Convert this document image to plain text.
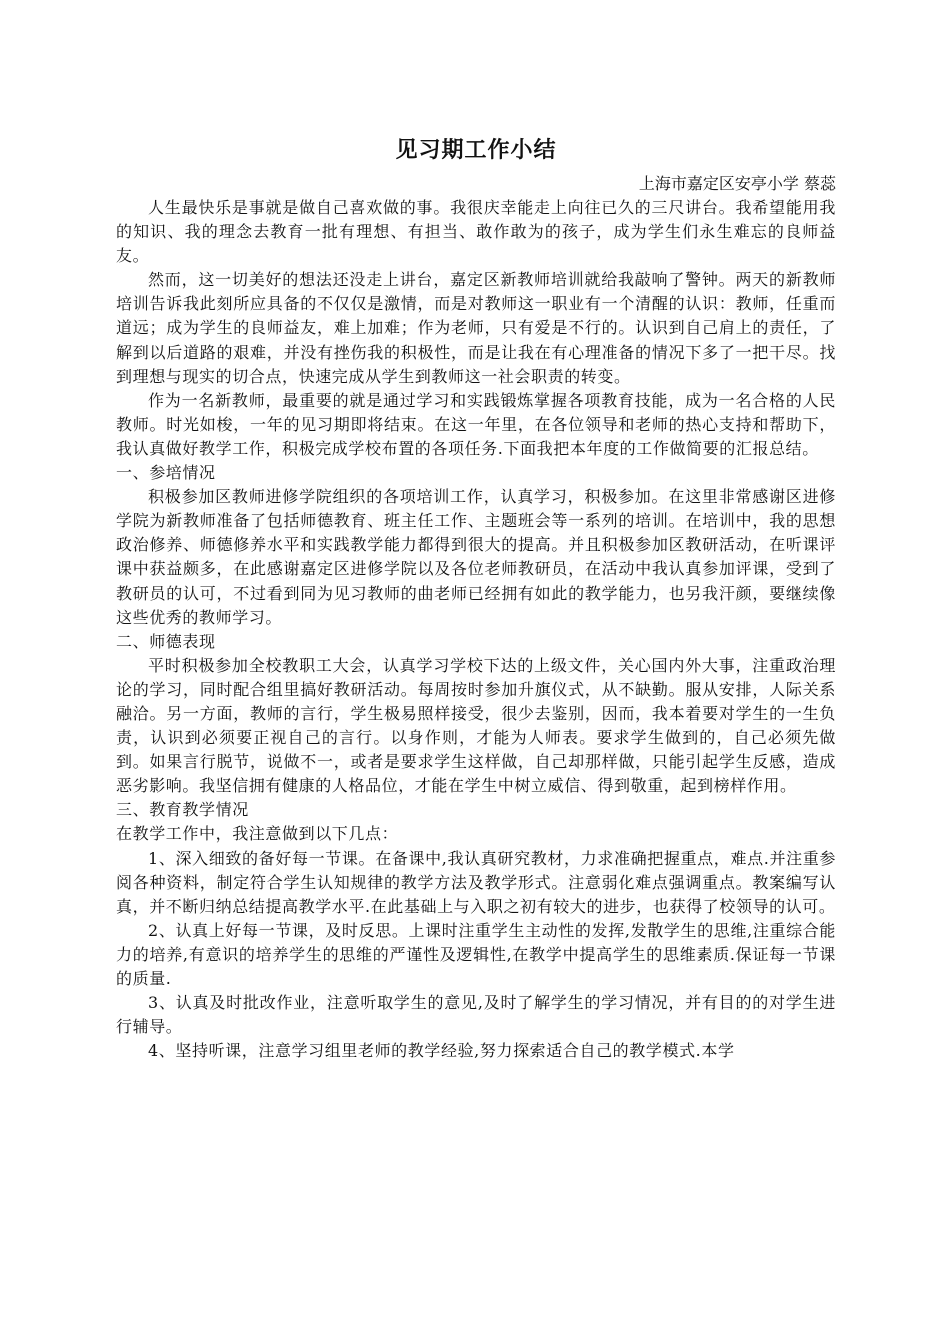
见习期工作小结

上海市嘉定区安亭小学 蔡蕊

人生最快乐是事就是做自己喜欢做的事。我很庆幸能走上向往已久的三尺讲台。我希望能用我的知识、我的理念去教育一批有理想、有担当、敢作敢为的孩子，成为学生们永生难忘的良师益友。

然而，这一切美好的想法还没走上讲台，嘉定区新教师培训就给我敲响了警钟。两天的新教师培训告诉我此刻所应具备的不仅仅是激情，而是对教师这一职业有一个清醒的认识：教师，任重而道远；成为学生的良师益友，难上加难；作为老师，只有爱是不行的。认识到自己肩上的责任，了解到以后道路的艰难，并没有挫伤我的积极性，而是让我在有心理准备的情况下多了一把干尽。找到理想与现实的切合点，快速完成从学生到教师这一社会职责的转变。

作为一名新教师，最重要的就是通过学习和实践锻炼掌握各项教育技能，成为一名合格的人民教师。时光如梭，一年的见习期即将结束。在这一年里，在各位领导和老师的热心支持和帮助下，我认真做好教学工作，积极完成学校布置的各项任务.下面我把本年度的工作做简要的汇报总结。

一、参培情况

积极参加区教师进修学院组织的各项培训工作，认真学习，积极参加。在这里非常感谢区进修学院为新教师准备了包括师德教育、班主任工作、主题班会等一系列的培训。在培训中，我的思想政治修养、师德修养水平和实践教学能力都得到很大的提高。并且积极参加区教研活动，在听课评课中获益颇多，在此感谢嘉定区进修学院以及各位老师教研员，在活动中我认真参加评课，受到了教研员的认可，不过看到同为见习教师的曲老师已经拥有如此的教学能力，也另我汗颜，要继续像这些优秀的教师学习。

二、师德表现

平时积极参加全校教职工大会，认真学习学校下达的上级文件，关心国内外大事，注重政治理论的学习，同时配合组里搞好教研活动。每周按时参加升旗仪式，从不缺勤。服从安排，人际关系融洽。另一方面，教师的言行，学生极易照样接受，很少去鉴别，因而，我本着要对学生的一生负责，认识到必须要正视自己的言行。以身作则，才能为人师表。要求学生做到的，自己必须先做到。如果言行脱节，说做不一，或者是要求学生这样做，自己却那样做，只能引起学生反感，造成恶劣影响。我坚信拥有健康的人格品位，才能在学生中树立威信、得到敬重，起到榜样作用。

三、教育教学情况

在教学工作中，我注意做到以下几点：

1、深入细致的备好每一节课。在备课中,我认真研究教材，力求准确把握重点，难点.并注重参阅各种资料，制定符合学生认知规律的教学方法及教学形式。注意弱化难点强调重点。教案编写认真，并不断归纳总结提高教学水平.在此基础上与入职之初有较大的进步，也获得了校领导的认可。

2、认真上好每一节课，及时反思。上课时注重学生主动性的发挥,发散学生的思维,注重综合能力的培养,有意识的培养学生的思维的严谨性及逻辑性,在教学中提高学生的思维素质.保证每一节课的质量.

3、认真及时批改作业，注意听取学生的意见,及时了解学生的学习情况，并有目的的对学生进行辅导。

4、坚持听课，注意学习组里老师的教学经验,努力探索适合自己的教学模式.本学
